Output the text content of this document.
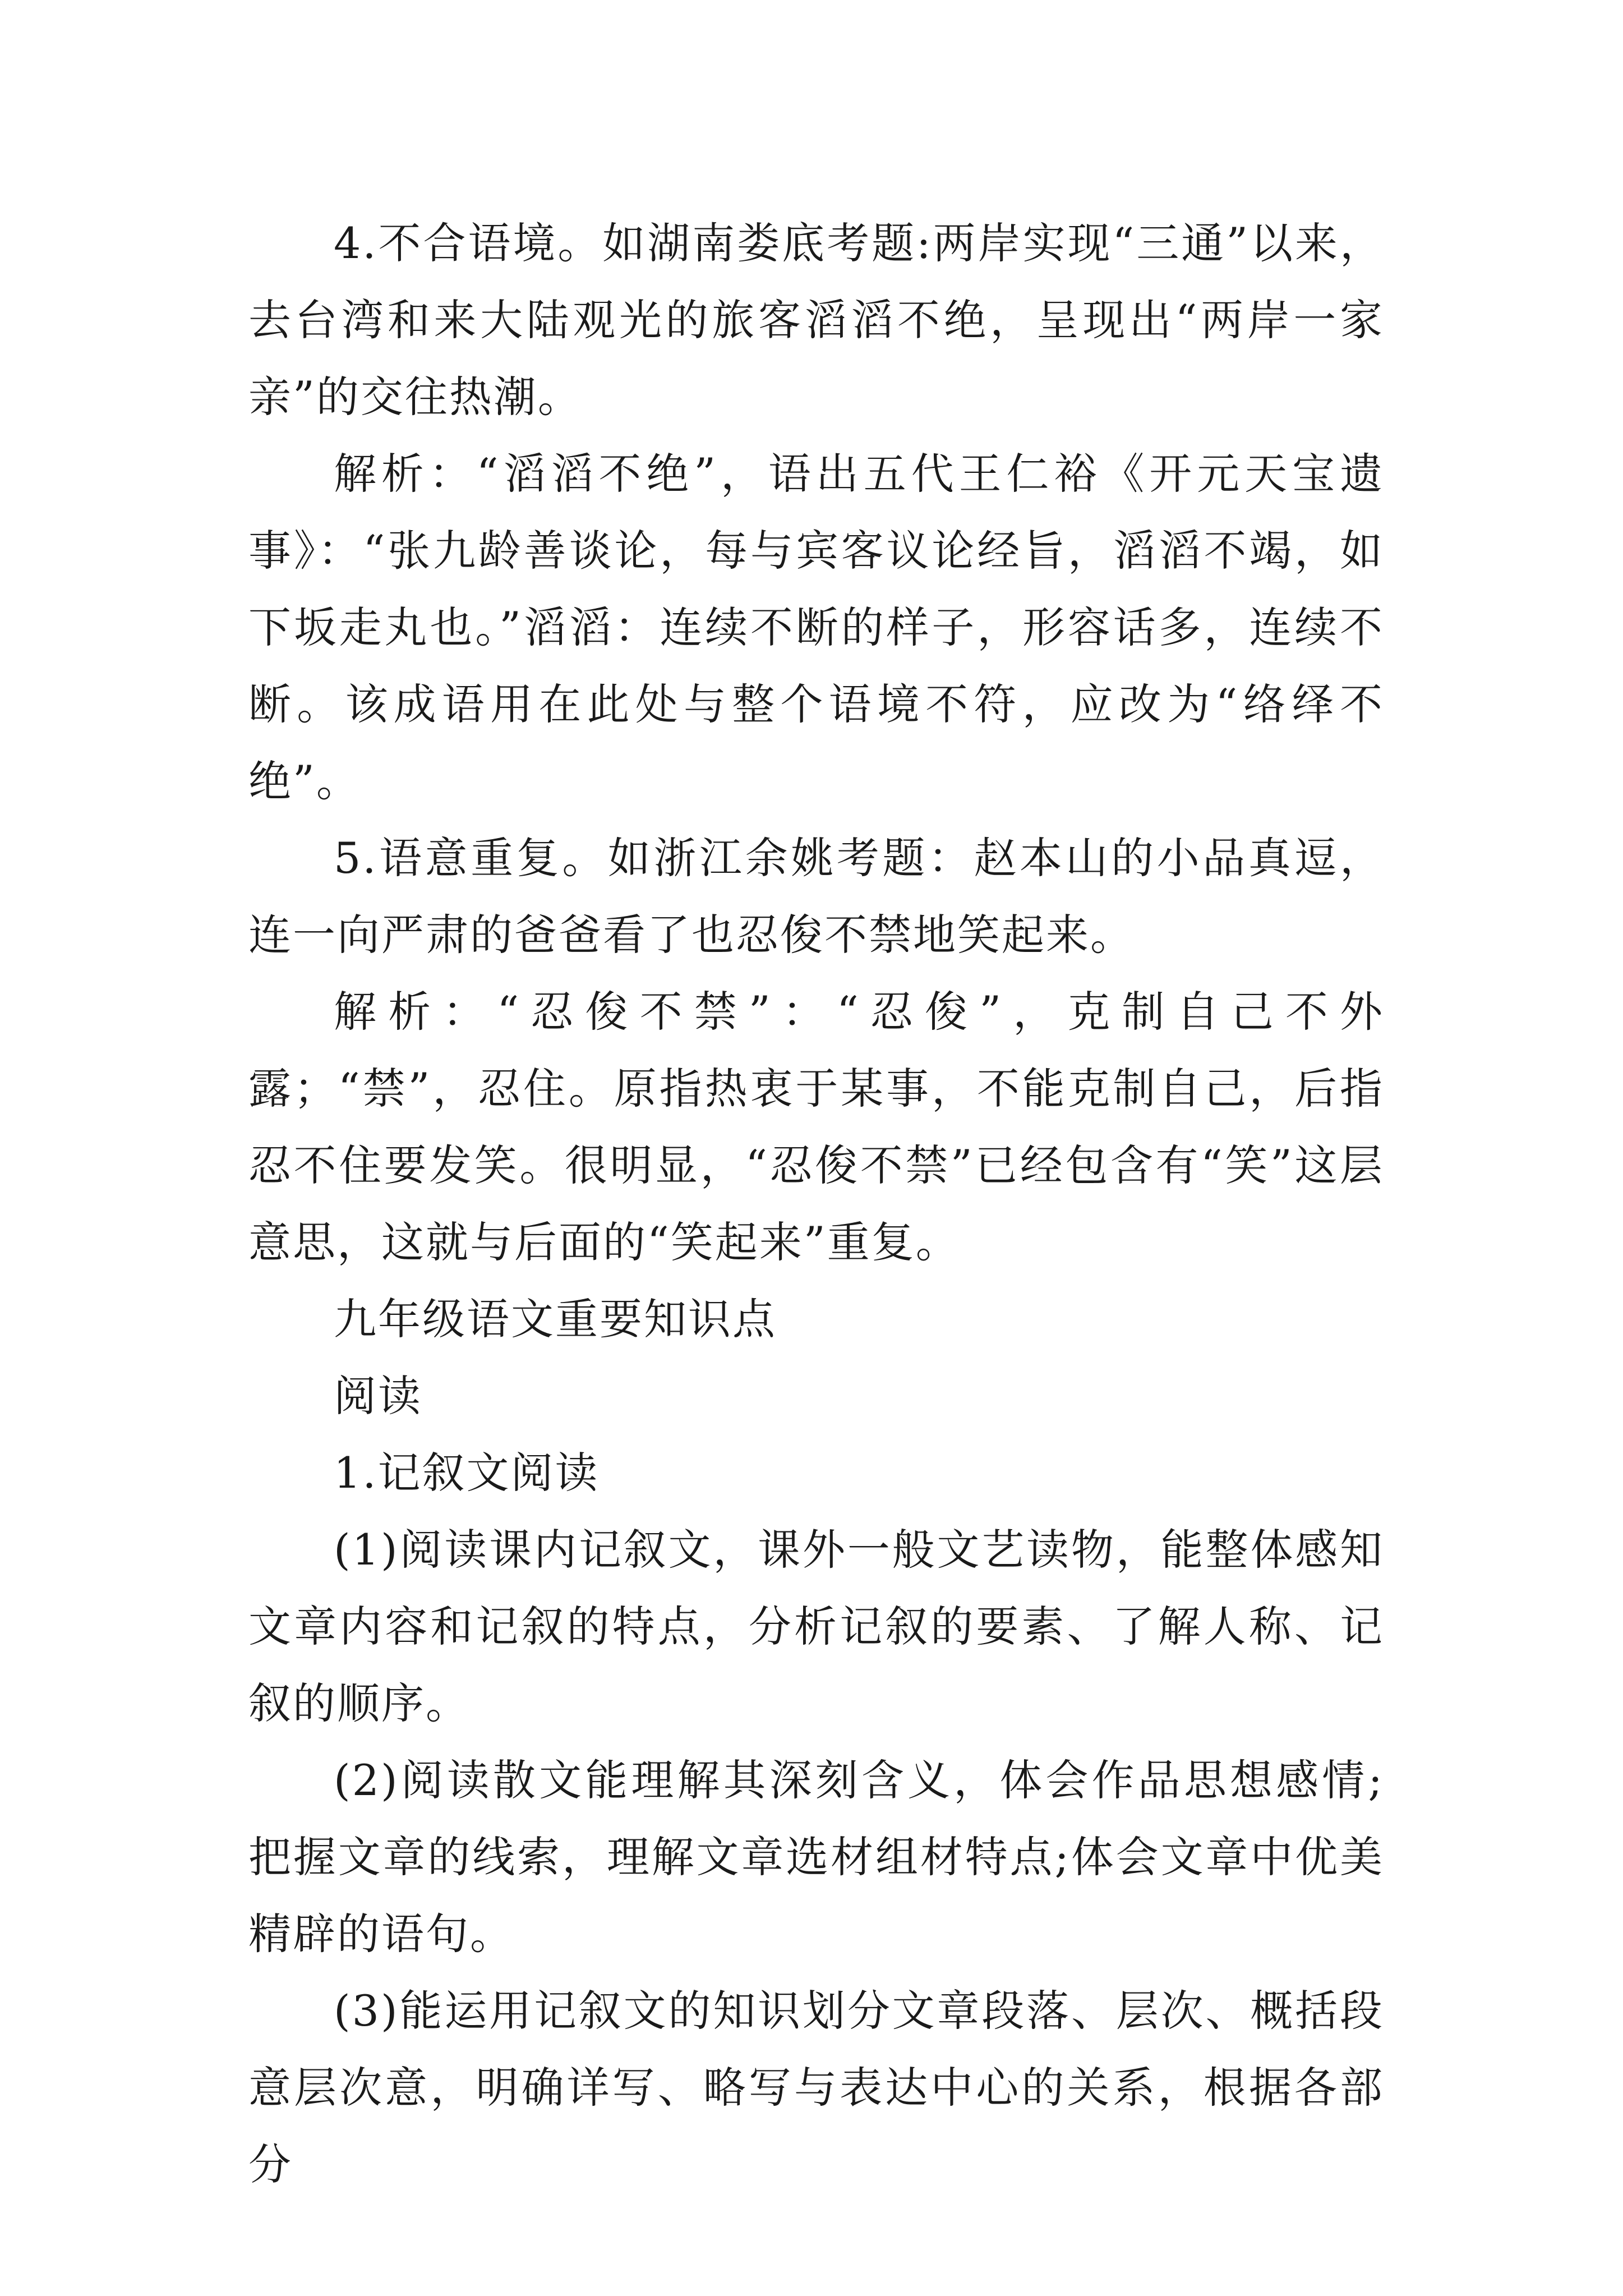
4.不合语境。如湖南娄底考题:两岸实现“三通”以来，去台湾和来大陆观光的旅客滔滔不绝，呈现出“两岸一家亲”的交往热潮。

解析：“滔滔不绝”，语出五代王仁裕《开元天宝遗事》：“张九龄善谈论，每与宾客议论经旨，滔滔不竭，如下坂走丸也。”滔滔：连续不断的样子，形容话多，连续不断。该成语用在此处与整个语境不符，应改为“络绎不绝”。

5.语意重复。如浙江余姚考题：赵本山的小品真逗，连一向严肃的爸爸看了也忍俊不禁地笑起来。

解析：“忍俊不禁”：“忍俊”，克制自己不外露；“禁”，忍住。原指热衷于某事，不能克制自己，后指忍不住要发笑。很明显，“忍俊不禁”已经包含有“笑”这层意思，这就与后面的“笑起来”重复。

九年级语文重要知识点

阅读

1.记叙文阅读

(1)阅读课内记叙文，课外一般文艺读物，能整体感知文章内容和记叙的特点，分析记叙的要素、了解人称、记叙的顺序。

(2)阅读散文能理解其深刻含义，体会作品思想感情;把握文章的线索，理解文章选材组材特点;体会文章中优美精辟的语句。

(3)能运用记叙文的知识划分文章段落、层次、概括段意层次意，明确详写、略写与表达中心的关系，根据各部分
